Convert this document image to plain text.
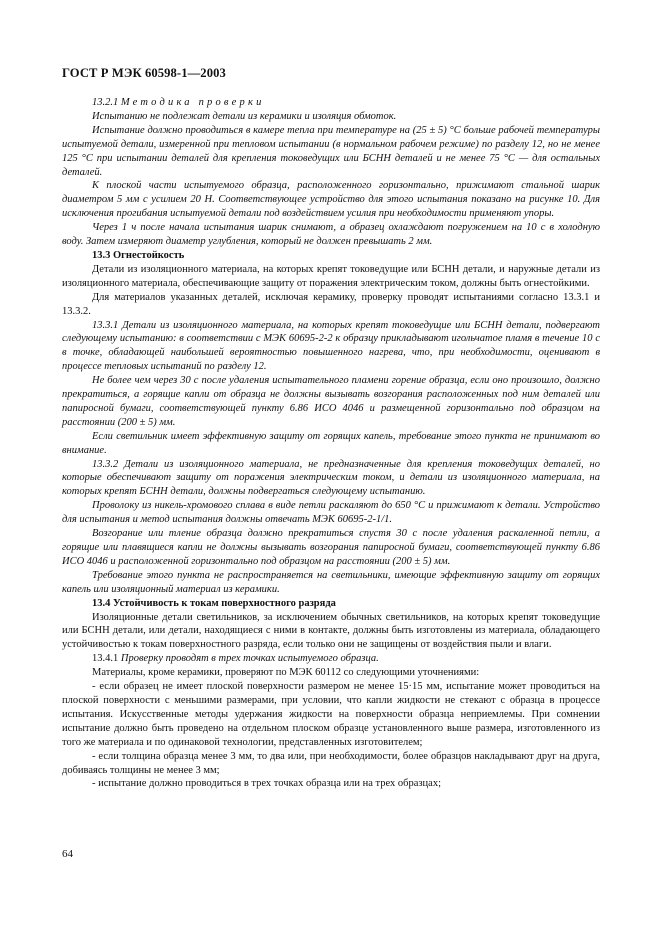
ГОСТ Р МЭК 60598-1—2003

13.2.1 Методика проверки

Испытанию не подлежат детали из керамики и изоляция обмоток.

Испытание должно проводиться в камере тепла при температуре на (25 ± 5) °С больше рабочей температуры испытуемой детали, измеренной при тепловом испытании (в нормальном рабочем режиме) по разделу 12, но не менее 125 °С при испытании деталей для крепления токоведущих или БСНН деталей и не менее 75 °С — для остальных деталей.

К плоской части испытуемого образца, расположенного горизонтально, прижимают стальной шарик диаметром 5 мм с усилием 20 Н. Соответствующее устройство для этого испытания показано на рисунке 10. Для исключения прогибания испытуемой детали под воздействием усилия при необходимости применяют упоры.

Через 1 ч после начала испытания шарик снимают, а образец охлаждают погружением на 10 с в холодную воду. Затем измеряют диаметр углубления, который не должен превышать 2 мм.

13.3 Огнестойкость

Детали из изоляционного материала, на которых крепят токоведущие или БСНН детали, и наружные детали из изоляционного материала, обеспечивающие защиту от поражения электрическим током, должны быть огнестойкими.

Для материалов указанных деталей, исключая керамику, проверку проводят испытаниями согласно 13.3.1 и 13.3.2.

13.3.1 Детали из изоляционного материала, на которых крепят токоведущие или БСНН детали, подвергают следующему испытанию: в соответствии с МЭК 60695-2-2 к образцу прикладывают игольчатое пламя в течение 10 с в точке, обладающей наибольшей вероятностью повышенного нагрева, что, при необходимости, оценивают в процессе тепловых испытаний по разделу 12.

Не более чем через 30 с после удаления испытательного пламени горение образца, если оно произошло, должно прекратиться, а горящие капли от образца не должны вызывать возгорания расположенных под ним деталей или папиросной бумаги, соответствующей пункту 6.86 ИСО 4046 и размещенной горизонтально под образцом на расстоянии (200 ± 5) мм.

Если светильник имеет эффективную защиту от горящих капель, требование этого пункта не принимают во внимание.

13.3.2 Детали из изоляционного материала, не предназначенные для крепления токоведущих деталей, но которые обеспечивают защиту от поражения электрическим током, и детали из изоляционного материала, на которых крепят БСНН детали, должны подвергаться следующему испытанию.

Проволоку из никель-хромового сплава в виде петли раскаляют до 650 °С и прижимают к детали. Устройство для испытания и метод испытания должны отвечать МЭК 60695-2-1/1.

Возгорание или тление образца должно прекратиться спустя 30 с после удаления раскаленной петли, а горящие или плавящиеся капли не должны вызывать возгорания папиросной бумаги, соответствующей пункту 6.86 ИСО 4046 и расположенной горизонтально под образцом на расстоянии (200 ± 5) мм.

Требование этого пункта не распространяется на светильники, имеющие эффективную защиту от горящих капель или изоляционный материал из керамики.

13.4 Устойчивость к токам поверхностного разряда

Изоляционные детали светильников, за исключением обычных светильников, на которых крепят токоведущие или БСНН детали, или детали, находящиеся с ними в контакте, должны быть изготовлены из материала, обладающего устойчивостью к токам поверхностного разряда, если только они не защищены от воздействия пыли и влаги.

13.4.1 Проверку проводят в трех точках испытуемого образца.

Материалы, кроме керамики, проверяют по МЭК 60112 со следующими уточнениями:

- если образец не имеет плоской поверхности размером не менее 15·15 мм, испытание может проводиться на плоской поверхности с меньшими размерами, при условии, что капли жидкости не стекают с образца в процессе испытания. Искусственные методы удержания жидкости на поверхности образца неприемлемы. При сомнении испытание должно быть проведено на отдельном плоском образце установленного выше размера, изготовленного из того же материала и по одинаковой технологии, представленных изготовителем;

- если толщина образца менее 3 мм, то два или, при необходимости, более образцов накладывают друг на друга, добиваясь толщины не менее 3 мм;

- испытание должно проводиться в трех точках образца или на трех образцах;

64
